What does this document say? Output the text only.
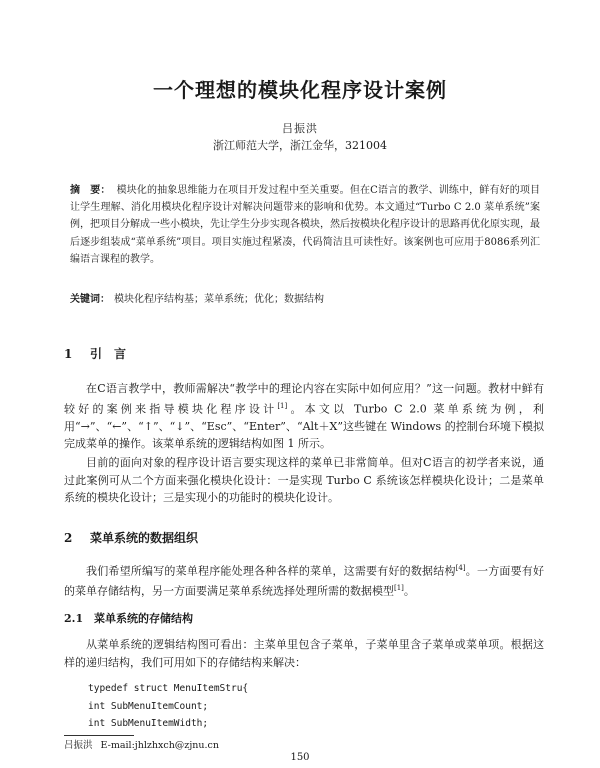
一个理想的模块化程序设计案例
吕振洪
浙江师范大学，浙江金华，321004
摘　要： 模块化的抽象思维能力在项目开发过程中至关重要。但在C语言的教学、训练中，鲜有好的项目让学生理解、消化用模块化程序设计对解决问题带来的影响和优势。本文通过“Turbo C 2.0 菜单系统”案例，把项目分解成一些小模块，先让学生分步实现各模块，然后按模块化程序设计的思路再优化原实现，最后逐步组装成“菜单系统”项目。项目实施过程紧凑，代码简洁且可读性好。该案例也可应用于8086系列汇编语言课程的教学。
关键词： 模块化程序结构基；菜单系统；优化；数据结构
1 引　言
在C语言教学中，教师需解决“教学中的理论内容在实际中如何应用？”这一问题。教材中鲜有较好的案例来指导模块化程序设计[1]。本文以 Turbo C 2.0 菜单系统为例，利用“→”、“←”、“↑”、“↓”、“Esc”、“Enter”、“Alt＋X”这些键在 Windows 的控制台环境下模拟完成菜单的操作。该菜单系统的逻辑结构如图 1 所示。
目前的面向对象的程序设计语言要实现这样的菜单已非常简单。但对C语言的初学者来说，通过此案例可从二个方面来强化模块化设计：一是实现 Turbo C 系统该怎样模块化设计；二是菜单系统的模块化设计；三是实现小的功能时的模块化设计。
2 菜单系统的数据组织
我们希望所编写的菜单程序能处理各种各样的菜单，这需要有好的数据结构[4]。一方面要有好的菜单存储结构，另一方面要满足菜单系统选择处理所需的数据模型[1]。
2.1 菜单系统的存储结构
从菜单系统的逻辑结构图可看出：主菜单里包含子菜单，子菜单里含子菜单或菜单项。根据这样的递归结构，我们可用如下的存储结构来解决：
typedef struct MenuItemStru{
int SubMenuItemCount;
int SubMenuItemWidth;
吕振洪 E-mail:jhlzhxch@zjnu.cn
150
